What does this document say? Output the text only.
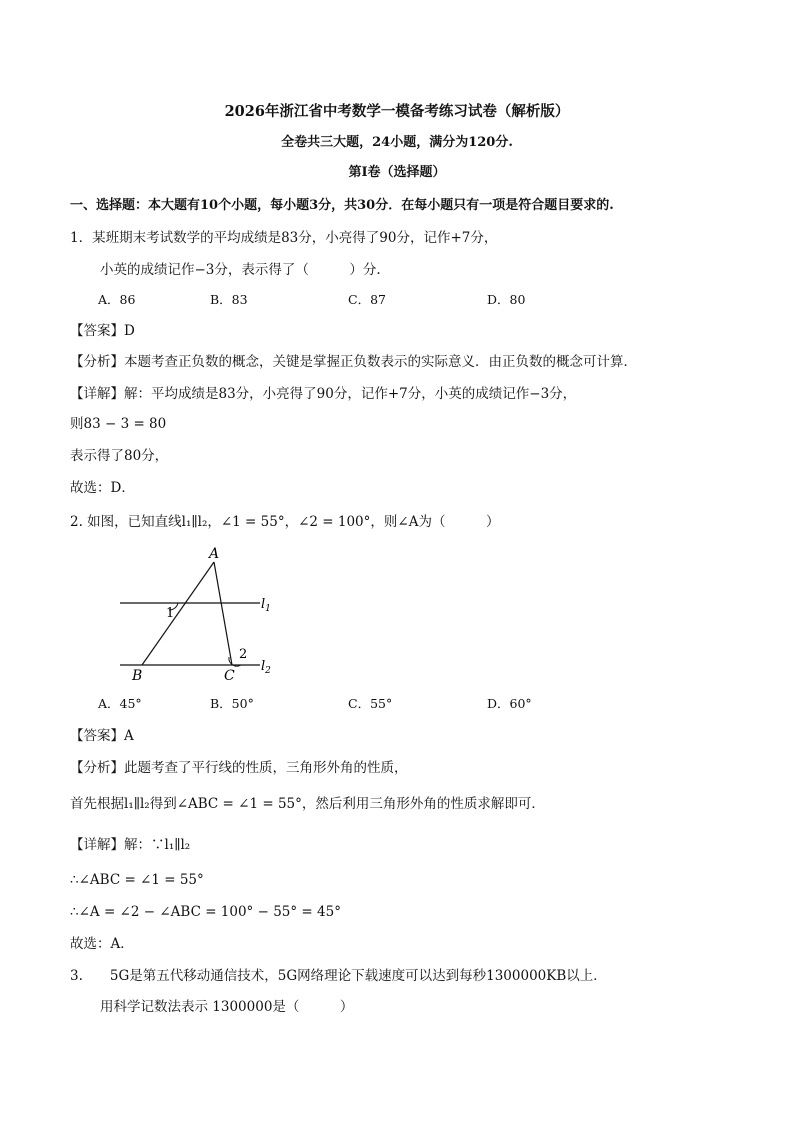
2026年浙江省中考数学一模备考练习试卷（解析版）
全卷共三大题，24小题，满分为120分.
第Ⅰ卷（选择题）
一、选择题：本大题有10个小题，每小题3分，共30分．在每小题只有一项是符合题目要求的.
1．某班期末考试数学的平均成绩是83分，小亮得了90分，记作+7分，
小英的成绩记作−3分，表示得了（　　　）分.
A．86	B．83	C．87	D．80
【答案】D
【分析】本题考查正负数的概念，关键是掌握正负数表示的实际意义．由正负数的概念可计算．
【详解】解：平均成绩是83分，小亮得了90分，记作+7分，小英的成绩记作−3分，
则83 − 3 = 80
表示得了80分，
故选：D．
2. 如图，已知直线l₁∥l₂，∠1 = 55°，∠2 = 100°，则∠A为（　　　）
A
B	C
1
2
$l_1$
$l_2$
A．45°	B．50°	C．55°	D．60°
【答案】A
【分析】此题考查了平行线的性质，三角形外角的性质，
首先根据l₁∥l₂得到∠ABC = ∠1 = 55°，然后利用三角形外角的性质求解即可．
【详解】解：∵l₁∥l₂
∴∠ABC = ∠1 = 55°
∴∠A = ∠2 − ∠ABC = 100° − 55° = 45°
故选：A．
3.　　5G是第五代移动通信技术，5G网络理论下载速度可以达到每秒1300000KB以上．
用科学记数法表示 1300000是（　　　）
